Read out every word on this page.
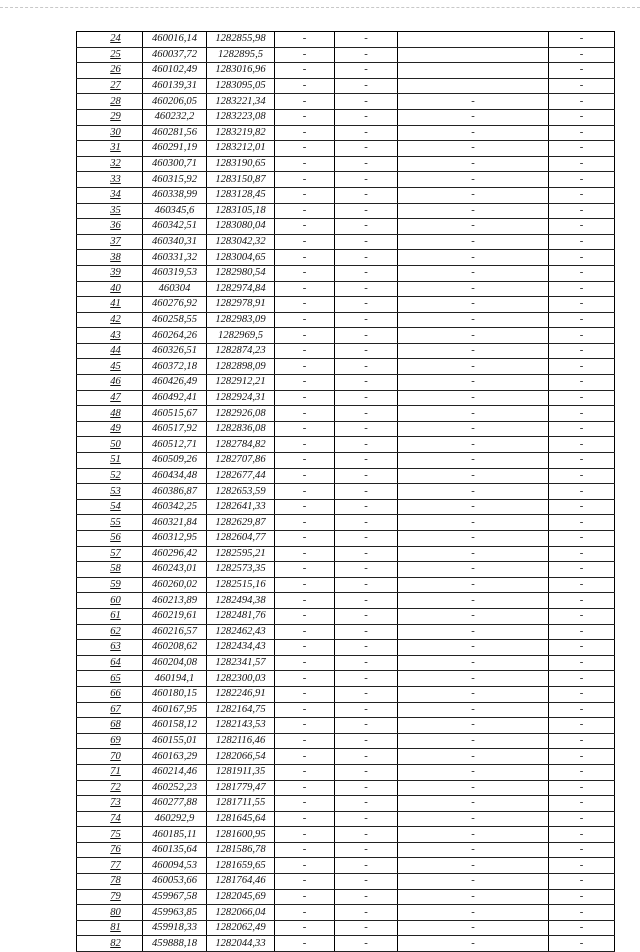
24	460016,14	1282855,98	-	-		-
25	460037,72	1282895,5	-	-		-
26	460102,49	1283016,96	-	-		-
27	460139,31	1283095,05	-	-		-
28	460206,05	1283221,34	-	-	-	-
29	460232,2	1283223,08	-	-	-	-
30	460281,56	1283219,82	-	-	-	-
31	460291,19	1283212,01	-	-	-	-
32	460300,71	1283190,65	-	-	-	-
33	460315,92	1283150,87	-	-	-	-
34	460338,99	1283128,45	-	-	-	-
35	460345,6	1283105,18	-	-	-	-
36	460342,51	1283080,04	-	-	-	-
37	460340,31	1283042,32	-	-	-	-
38	460331,32	1283004,65	-	-	-	-
39	460319,53	1282980,54	-	-	-	-
40	460304	1282974,84	-	-	-	-
41	460276,92	1282978,91	-	-	-	-
42	460258,55	1282983,09	-	-	-	-
43	460264,26	1282969,5	-	-	-	-
44	460326,51	1282874,23	-	-	-	-
45	460372,18	1282898,09	-	-	-	-
46	460426,49	1282912,21	-	-	-	-
47	460492,41	1282924,31	-	-	-	-
48	460515,67	1282926,08	-	-	-	-
49	460517,92	1282836,08	-	-	-	-
50	460512,71	1282784,82	-	-	-	-
51	460509,26	1282707,86	-	-	-	-
52	460434,48	1282677,44	-	-	-	-
53	460386,87	1282653,59	-	-	-	-
54	460342,25	1282641,33	-	-	-	-
55	460321,84	1282629,87	-	-	-	-
56	460312,95	1282604,77	-	-	-	-
57	460296,42	1282595,21	-	-	-	-
58	460243,01	1282573,35	-	-	-	-
59	460260,02	1282515,16	-	-	-	-
60	460213,89	1282494,38	-	-	-	-
61	460219,61	1282481,76	-	-	-	-
62	460216,57	1282462,43	-	-	-	-
63	460208,62	1282434,43	-	-	-	-
64	460204,08	1282341,57	-	-	-	-
65	460194,1	1282300,03	-	-	-	-
66	460180,15	1282246,91	-	-	-	-
67	460167,95	1282164,75	-	-	-	-
68	460158,12	1282143,53	-	-	-	-
69	460155,01	1282116,46	-	-	-	-
70	460163,29	1282066,54	-	-	-	-
71	460214,46	1281911,35	-	-	-	-
72	460252,23	1281779,47	-	-	-	-
73	460277,88	1281711,55	-	-	-	-
74	460292,9	1281645,64	-	-	-	-
75	460185,11	1281600,95	-	-	-	-
76	460135,64	1281586,78	-	-	-	-
77	460094,53	1281659,65	-	-	-	-
78	460053,66	1281764,46	-	-	-	-
79	459967,58	1282045,69	-	-	-	-
80	459963,85	1282066,04	-	-	-	-
81	459918,33	1282062,49	-	-	-	-
82	459888,18	1282044,33	-	-	-	-
